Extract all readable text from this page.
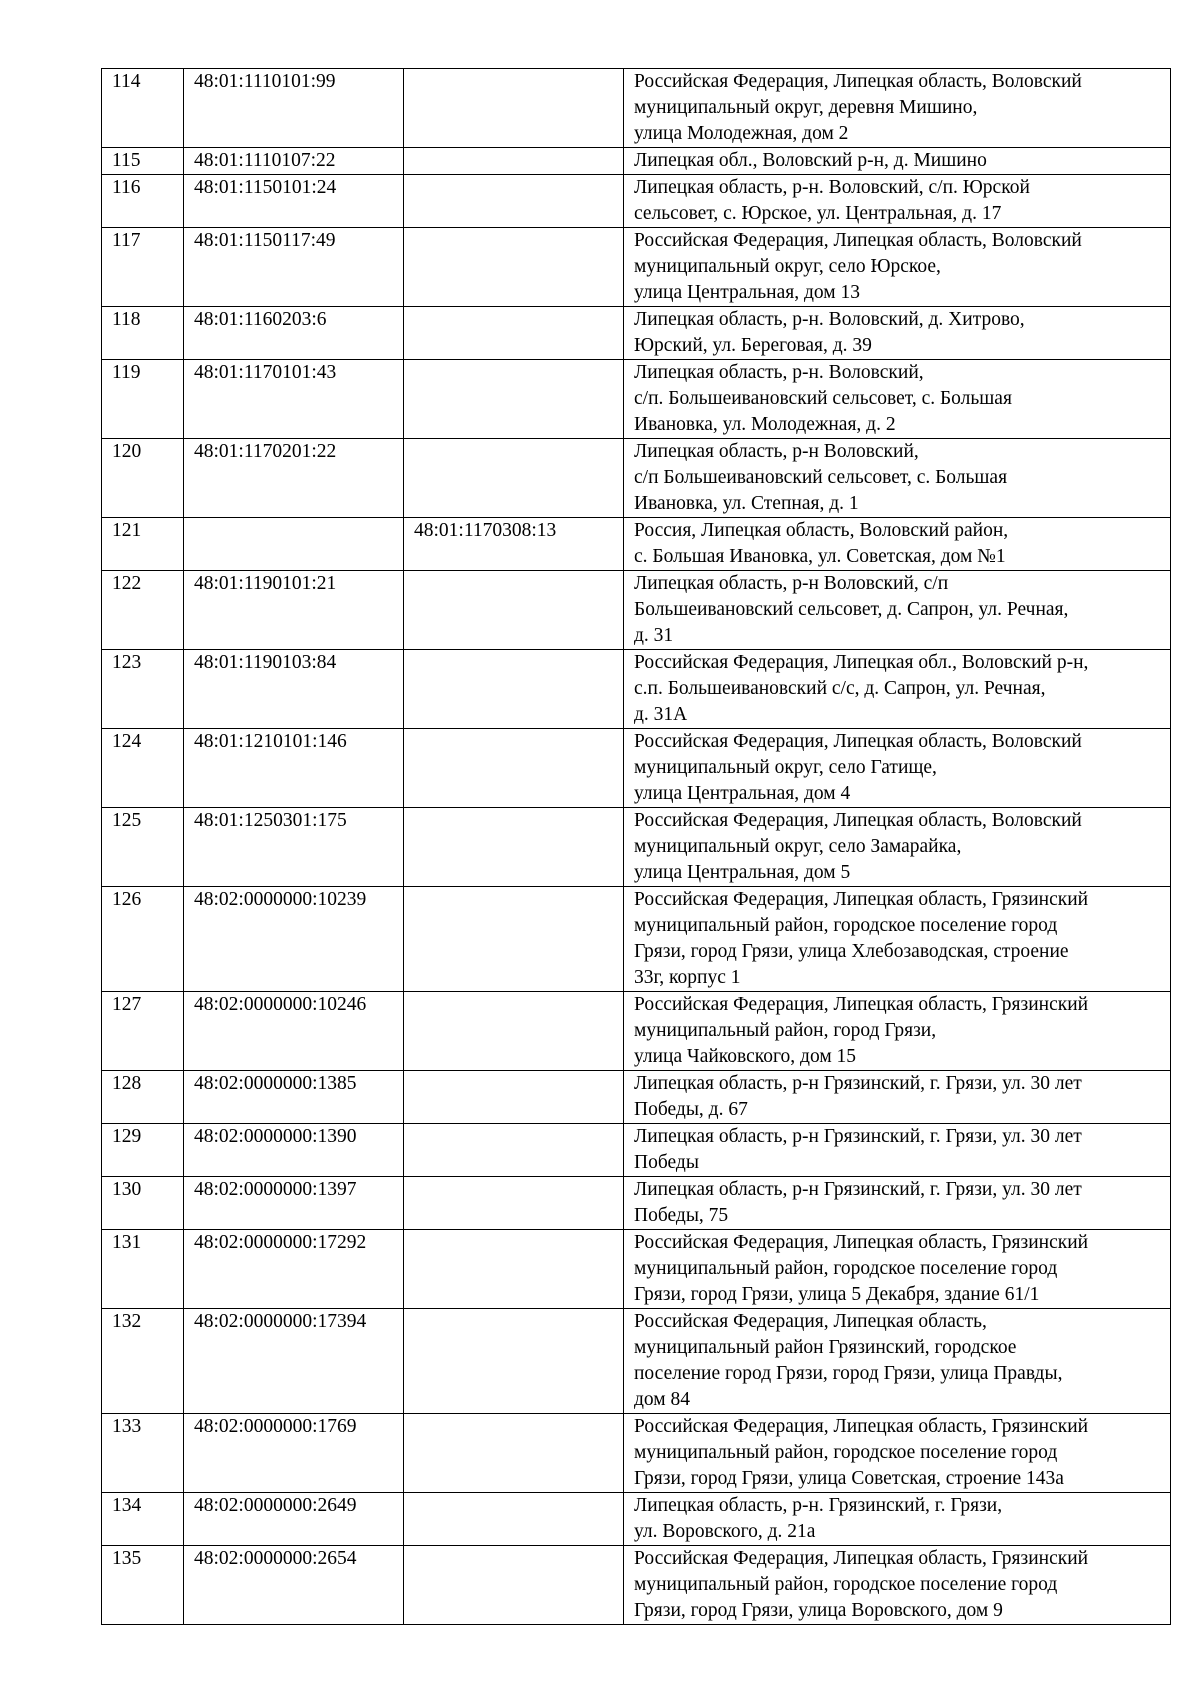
114	48:01:1110101:99		Российская Федерация, Липецкая область, Воловский
муниципальный округ, деревня Мишино,
улица Молодежная, дом 2

115	48:01:1110107:22		Липецкая обл., Воловский р-н, д. Мишино

116	48:01:1150101:24		Липецкая область, р-н. Воловский, с/п. Юрской
сельсовет, с. Юрское, ул. Центральная, д. 17

117	48:01:1150117:49		Российская Федерация, Липецкая область, Воловский
муниципальный округ, село Юрское,
улица Центральная, дом 13

118	48:01:1160203:6		Липецкая область, р-н. Воловский, д. Хитрово,
Юрский, ул. Береговая, д. 39

119	48:01:1170101:43		Липецкая область, р-н. Воловский,
с/п. Большеивановский сельсовет, с. Большая
Ивановка, ул. Молодежная, д. 2

120	48:01:1170201:22		Липецкая область, р-н Воловский,
с/п Большеивановский сельсовет, с. Большая
Ивановка, ул. Степная, д. 1

121		48:01:1170308:13	Россия, Липецкая область, Воловский район,
с. Большая Ивановка, ул. Советская, дом №1

122	48:01:1190101:21		Липецкая область, р-н Воловский, с/п
Большеивановский сельсовет, д. Сапрон, ул. Речная,
д. 31

123	48:01:1190103:84		Российская Федерация, Липецкая обл., Воловский р-н,
с.п. Большеивановский с/с, д. Сапрон, ул. Речная,
д. 31А

124	48:01:1210101:146		Российская Федерация, Липецкая область, Воловский
муниципальный округ, село Гатище,
улица Центральная, дом 4

125	48:01:1250301:175		Российская Федерация, Липецкая область, Воловский
муниципальный округ, село Замарайка,
улица Центральная, дом 5

126	48:02:0000000:10239		Российская Федерация, Липецкая область, Грязинский
муниципальный район, городское поселение город
Грязи, город Грязи, улица Хлебозаводская, строение
33г, корпус 1

127	48:02:0000000:10246		Российская Федерация, Липецкая область, Грязинский
муниципальный район, город Грязи,
улица Чайковского, дом 15

128	48:02:0000000:1385		Липецкая область, р-н Грязинский, г. Грязи, ул. 30 лет
Победы, д. 67

129	48:02:0000000:1390		Липецкая область, р-н Грязинский, г. Грязи, ул. 30 лет
Победы

130	48:02:0000000:1397		Липецкая область, р-н Грязинский, г. Грязи, ул. 30 лет
Победы, 75

131	48:02:0000000:17292		Российская Федерация, Липецкая область, Грязинский
муниципальный район, городское поселение город
Грязи, город Грязи, улица 5 Декабря, здание 61/1

132	48:02:0000000:17394		Российская Федерация, Липецкая область,
муниципальный район Грязинский, городское
поселение город Грязи, город Грязи, улица Правды,
дом 84

133	48:02:0000000:1769		Российская Федерация, Липецкая область, Грязинский
муниципальный район, городское поселение город
Грязи, город Грязи, улица Советская, строение 143а

134	48:02:0000000:2649		Липецкая область, р-н. Грязинский, г. Грязи,
ул. Воровского, д. 21а

135	48:02:0000000:2654		Российская Федерация, Липецкая область, Грязинский
муниципальный район, городское поселение город
Грязи, город Грязи, улица Воровского, дом 9
